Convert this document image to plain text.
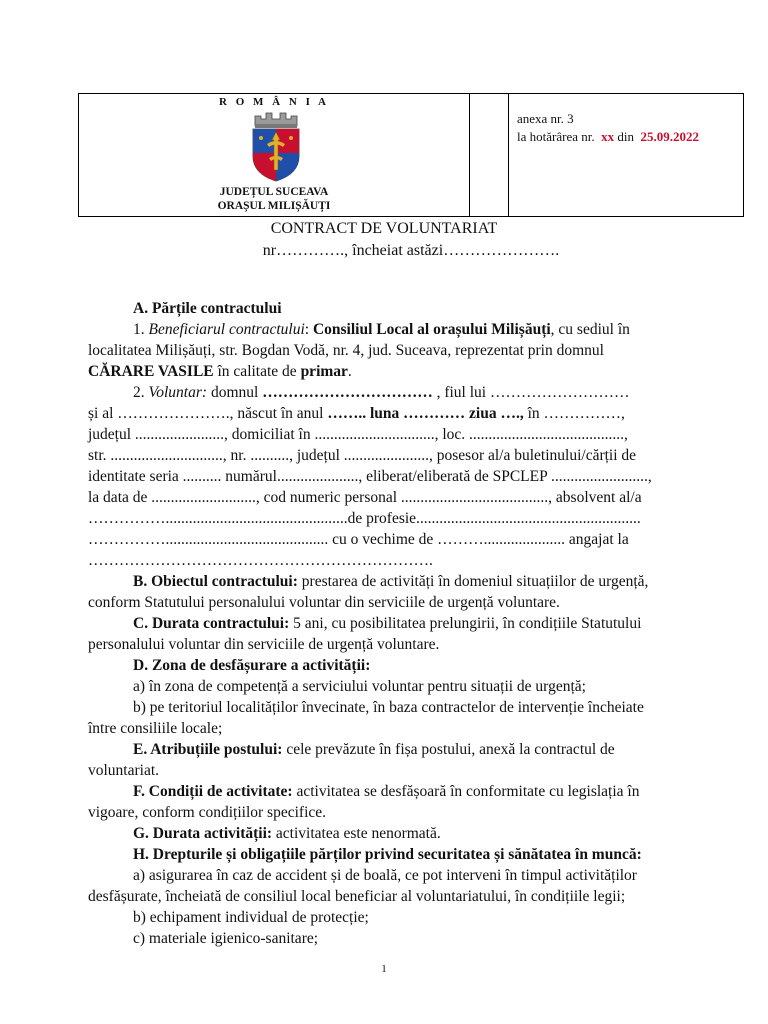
R O M Â N I A
JUDEȚUL SUCEAVA
ORAȘUL MILIȘĂUȚI
anexa nr. 3
la hotărârea nr. xx din 25.09.2022
CONTRACT DE VOLUNTARIAT
nr…………., încheiat astăzi………………….
A. Părțile contractului
1. Beneficiarul contractului: Consiliul Local al orașului Milișăuți, cu sediul în
localitatea Milișăuți, str. Bogdan Vodă, nr. 4, jud. Suceava, reprezentat prin domnul
CĂRARE VASILE în calitate de primar.
2. Voluntar: domnul …………………………… , fiul lui ………………………
și al …………………., născut în anul …….. luna ………… ziua …., în ……………,
județul ......................., domiciliat în ..............................., loc. ........................................,
str. ............................., nr. .........., județul ......................, posesor al/a buletinului/cărții de
identitate seria .......... numărul....................., eliberat/eliberată de SPCLEP .........................,
la data de ..........................., cod numeric personal ......................................, absolvent al/a
……………...............................................de profesie..........................................................
…………….......................................... cu o vechime de ………..................... angajat la
………………………………………………………….
B. Obiectul contractului: prestarea de activități în domeniul situațiilor de urgență,
conform Statutului personalului voluntar din serviciile de urgență voluntare.
C. Durata contractului: 5 ani, cu posibilitatea prelungirii, în condițiile Statutului
personalului voluntar din serviciile de urgență voluntare.
D. Zona de desfășurare a activității:
a) în zona de competență a serviciului voluntar pentru situații de urgență;
b) pe teritoriul localităților învecinate, în baza contractelor de intervenție încheiate
între consiliile locale;
E. Atribuțiile postului: cele prevăzute în fișa postului, anexă la contractul de
voluntariat.
F. Condiții de activitate: activitatea se desfășoară în conformitate cu legislația în
vigoare, conform condițiilor specifice.
G. Durata activității: activitatea este nenormată.
H. Drepturile și obligațiile părților privind securitatea și sănătatea în muncă:
a) asigurarea în caz de accident și de boală, ce pot interveni în timpul activităților
desfășurate, încheiată de consiliul local beneficiar al voluntariatului, în condițiile legii;
b) echipament individual de protecție;
c) materiale igienico-sanitare;
1
